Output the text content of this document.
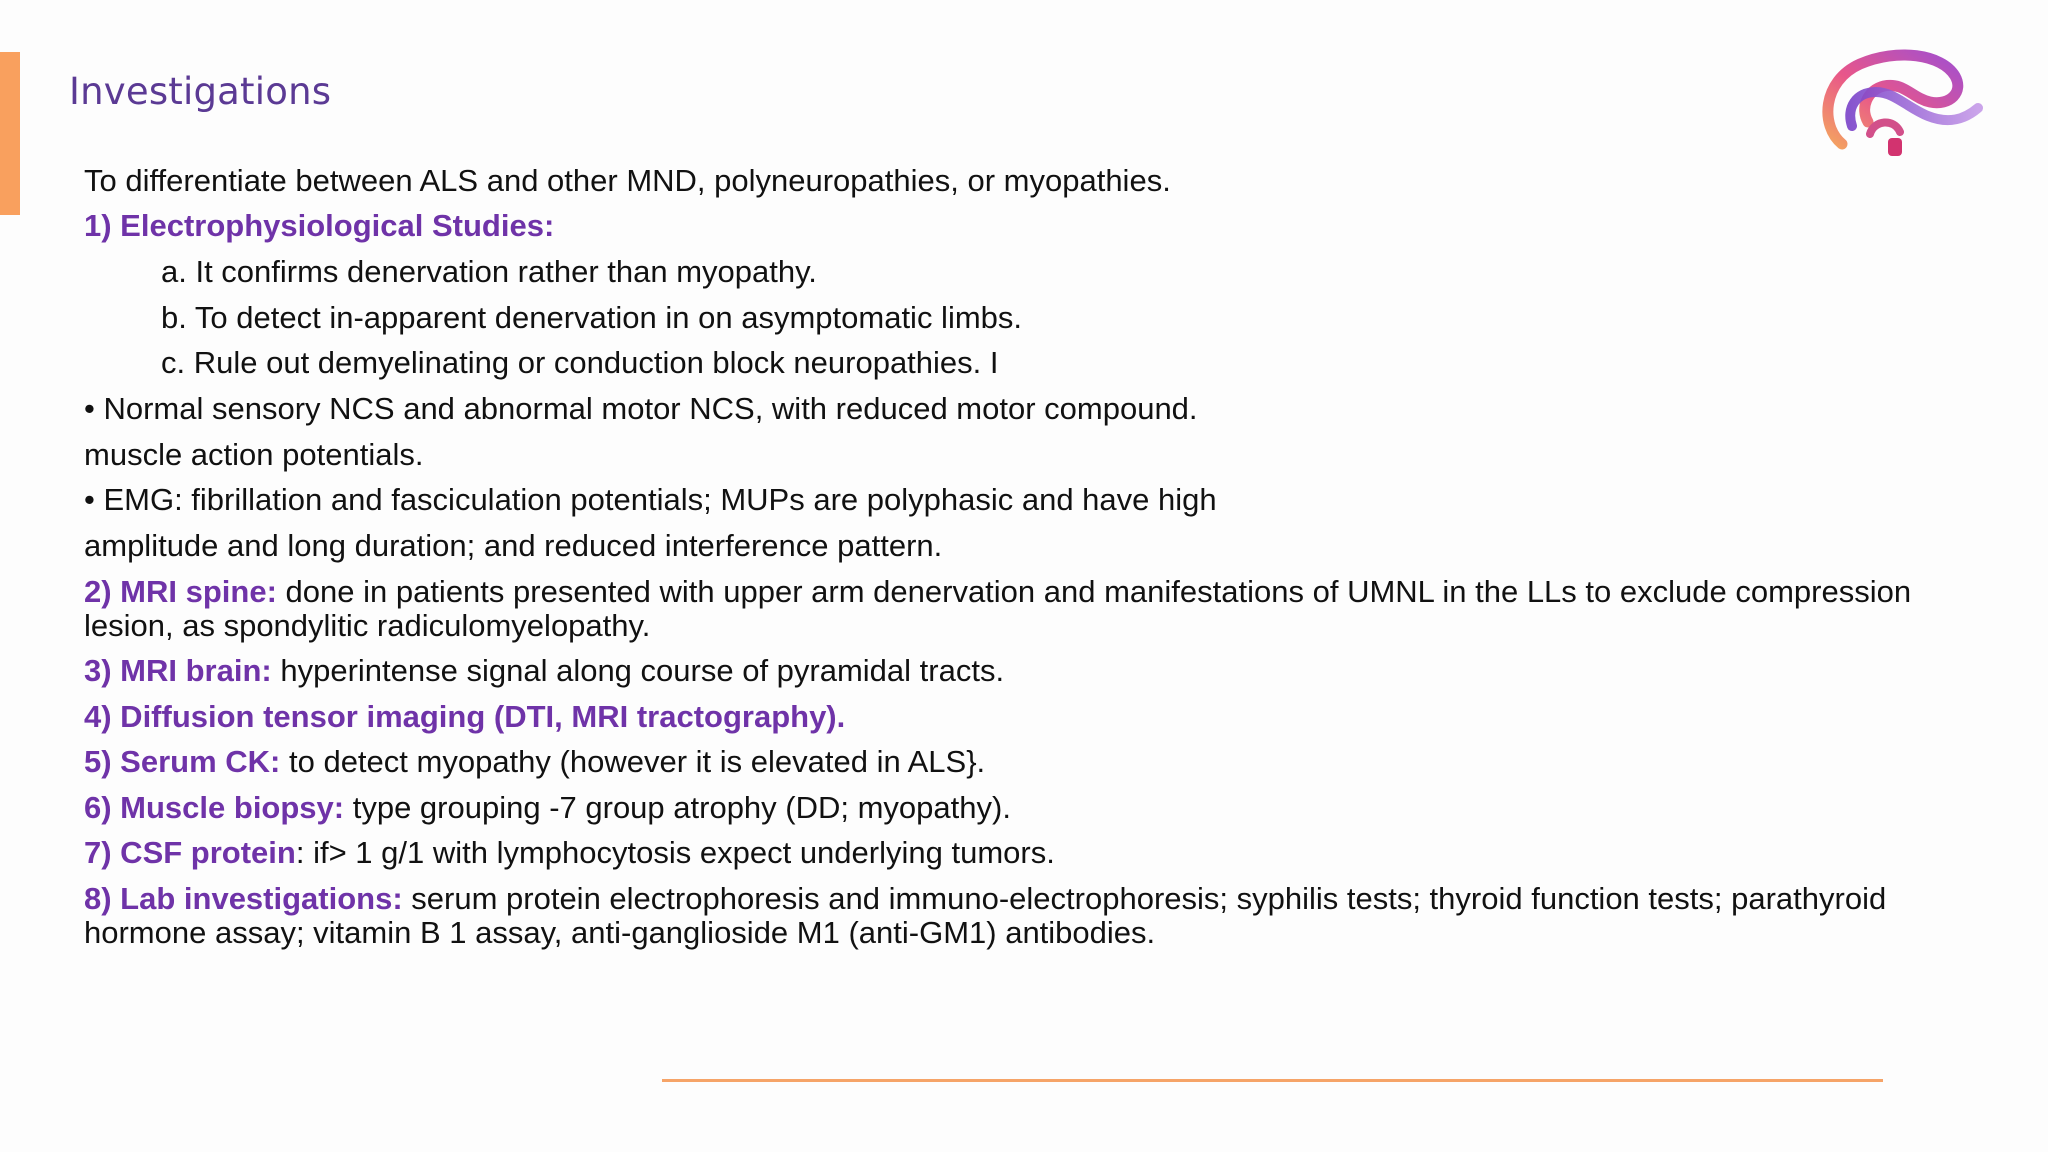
Investigations
To differentiate between ALS and other MND, polyneuropathies, or myopathies.
1) Electrophysiological Studies:
a. It confirms denervation rather than myopathy.
b. To detect in-apparent denervation in on asymptomatic limbs.
c. Rule out demyelinating or conduction block neuropathies. I
• Normal sensory NCS and abnormal motor NCS, with reduced motor compound.
muscle action potentials.
• EMG: fibrillation and fasciculation potentials; MUPs are polyphasic and have high
amplitude and long duration; and reduced interference pattern.
2) MRI spine: done in patients presented with upper arm denervation and manifestations of UMNL in the LLs to exclude compression lesion, as spondylitic radiculomyelopathy.
3) MRI brain: hyperintense signal along course of pyramidal tracts.
4) Diffusion tensor imaging (DTI, MRI tractography).
5) Serum CK: to detect myopathy (however it is elevated in ALS}.
6) Muscle biopsy: type grouping -7 group atrophy (DD; myopathy).
7) CSF protein: if> 1 g/1 with lymphocytosis expect underlying tumors.
8) Lab investigations: serum protein electrophoresis and immuno-electrophoresis; syphilis tests; thyroid function tests; parathyroid hormone assay; vitamin B 1 assay, anti-ganglioside M1 (anti-GM1) antibodies.
